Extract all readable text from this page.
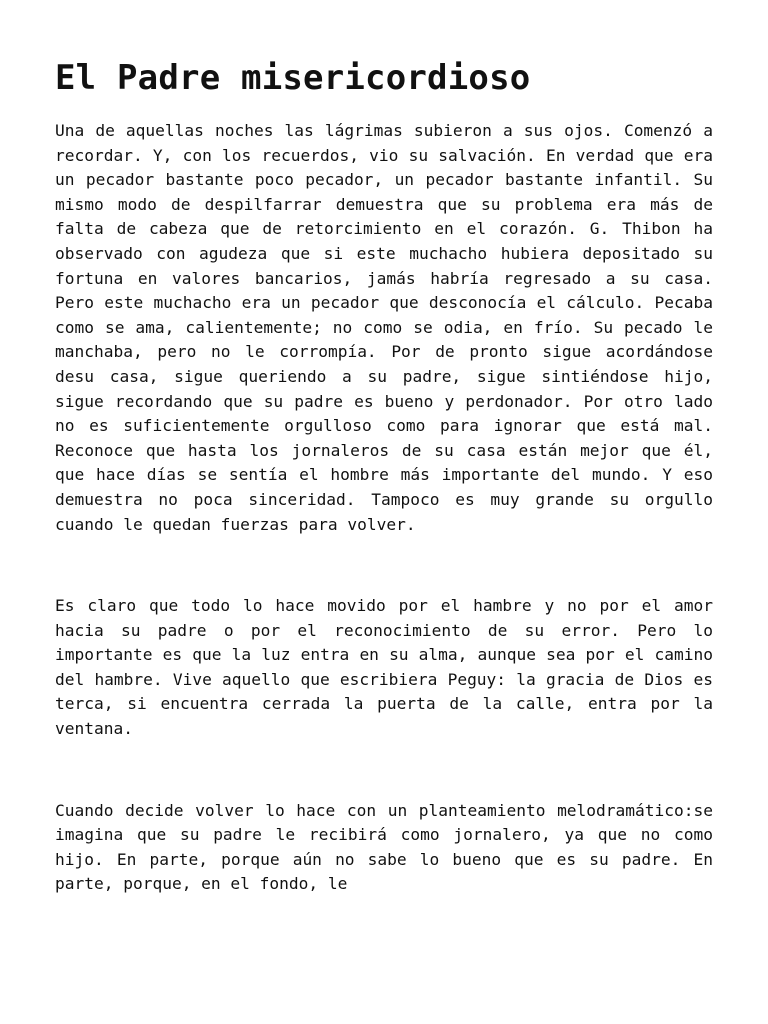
El Padre misericordioso

Una de aquellas noches las lágrimas subieron a sus ojos. Comenzó a recordar. Y, con los recuerdos, vio su salvación. En verdad que era un pecador bastante poco pecador, un pecador bastante infantil. Su mismo modo de despilfarrar demuestra que su problema era más de falta de cabeza que de retorcimiento en el corazón. G. Thibon ha observado con agudeza que si este muchacho hubiera depositado su fortuna en valores bancarios, jamás habría regresado a su casa. Pero este muchacho era un pecador que desconocía el cálculo. Pecaba como se ama, calientemente; no como se odia, en frío. Su pecado le manchaba, pero no le corrompía. Por de pronto sigue acordándose desu casa, sigue queriendo a su padre, sigue sintiéndose hijo, sigue recordando que su padre es bueno y perdonador. Por otro lado no es suficientemente orgulloso como para ignorar que está mal. Reconoce que hasta los jornaleros de su casa están mejor que él, que hace días se sentía el hombre más importante del mundo. Y eso demuestra no poca sinceridad. Tampoco es muy grande su orgullo cuando le quedan fuerzas para volver.

Es claro que todo lo hace movido por el hambre y no por el amor hacia su padre o por el reconocimiento de su error. Pero lo importante es que la luz entra en su alma, aunque sea por el camino del hambre. Vive aquello que escribiera Peguy: la gracia de Dios es terca, si encuentra cerrada la puerta de la calle, entra por la ventana.

Cuando decide volver lo hace con un planteamiento melodramático:se imagina que su padre le recibirá como jornalero, ya que no como hijo. En parte, porque aún no sabe lo bueno que es su padre. En parte, porque, en el fondo, le
